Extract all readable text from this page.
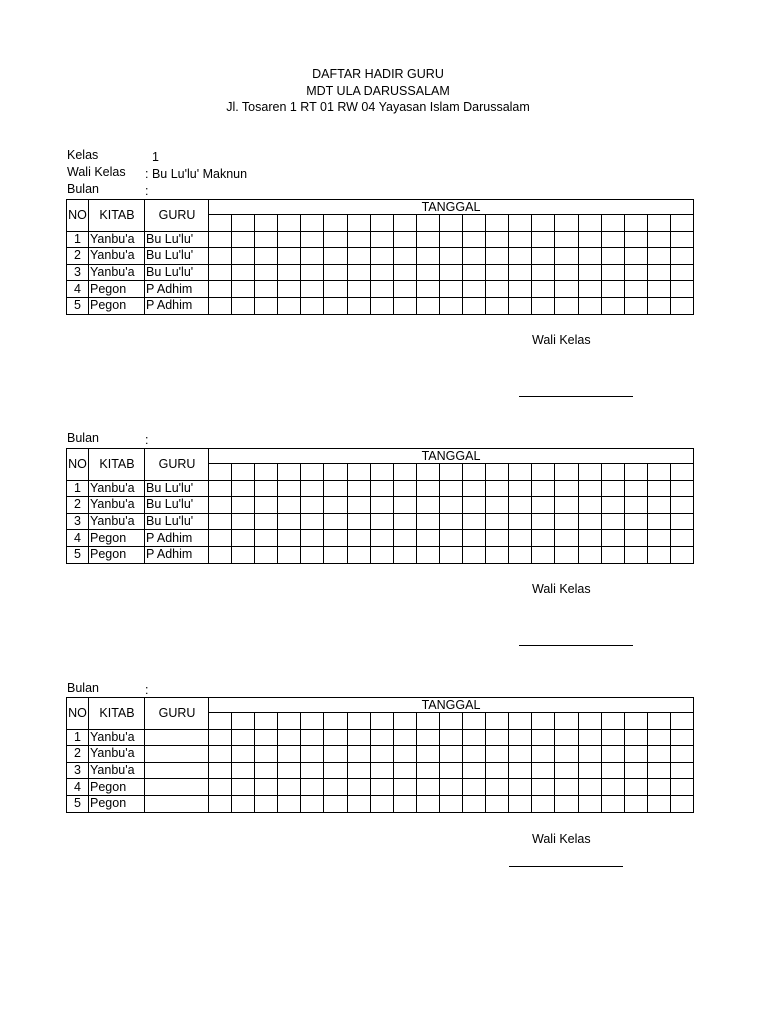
DAFTAR HADIR GURU
MDT ULA DARUSSALAM
Jl. Tosaren 1 RT 01 RW 04 Yayasan Islam Darussalam
Kelas	1
Wali Kelas : Bu Lu'lu' Maknun
Bulan	:
NO	KITAB	GURU	TANGGAL																				

1	Yanbu'a	Bu Lu'lu'																					
2	Yanbu'a	Bu Lu'lu'																					
3	Yanbu'a	Bu Lu'lu'																					
4	Pegon	P Adhim																					
5	Pegon	P Adhim																					
Wali Kelas
Bulan	:
NO	KITAB	GURU	TANGGAL																				

1	Yanbu'a	Bu Lu'lu'																					
2	Yanbu'a	Bu Lu'lu'																					
3	Yanbu'a	Bu Lu'lu'																					
4	Pegon	P Adhim																					
5	Pegon	P Adhim																					
Wali Kelas
Bulan	:
NO	KITAB	GURU	TANGGAL																				

1	Yanbu'a																						
2	Yanbu'a																						
3	Yanbu'a																						
4	Pegon																						
5	Pegon																						
Wali Kelas
